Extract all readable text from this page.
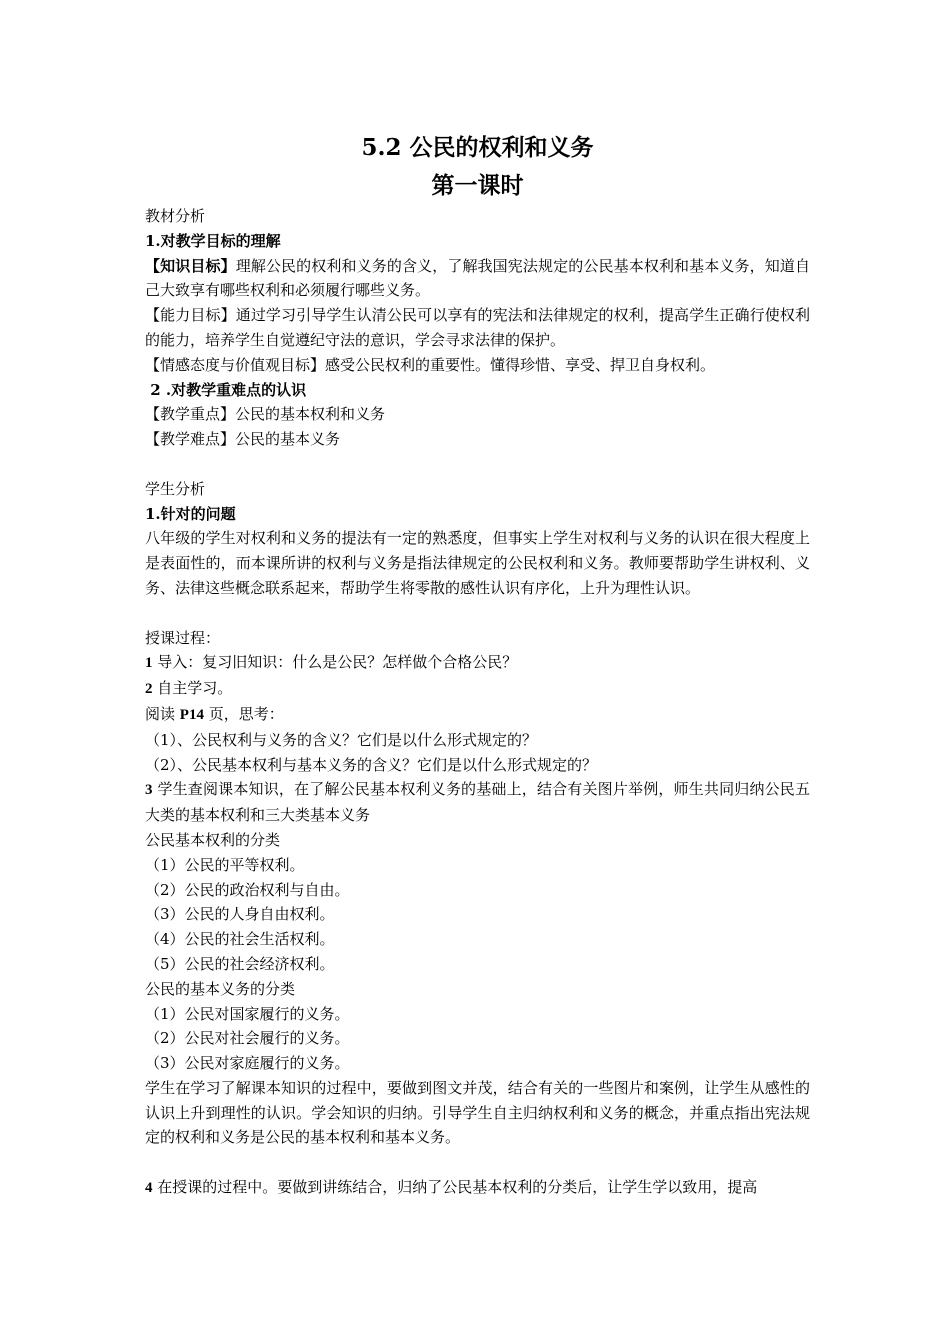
5.2 公民的权利和义务

第一课时

教材分析

1.对教学目标的理解

【知识目标】理解公民的权利和义务的含义，了解我国宪法规定的公民基本权利和基本义务，知道自己大致享有哪些权利和必须履行哪些义务。

【能力目标】通过学习引导学生认清公民可以享有的宪法和法律规定的权利，提高学生正确行使权利的能力，培养学生自觉遵纪守法的意识，学会寻求法律的保护。

【情感态度与价值观目标】感受公民权利的重要性。懂得珍惜、享受、捍卫自身权利。

2 .对教学重难点的认识

【教学重点】公民的基本权利和义务

【教学难点】公民的基本义务

学生分析

1.针对的问题

八年级的学生对权利和义务的提法有一定的熟悉度，但事实上学生对权利与义务的认识在很大程度上是表面性的，而本课所讲的权利与义务是指法律规定的公民权利和义务。教师要帮助学生讲权利、义务、法律这些概念联系起来，帮助学生将零散的感性认识有序化，上升为理性认识。

授课过程：

1 导入：复习旧知识：什么是公民？怎样做个合格公民？

2 自主学习。

阅读 P14 页，思考：

（1）、公民权利与义务的含义？它们是以什么形式规定的？

（2）、公民基本权利与基本义务的含义？它们是以什么形式规定的？

3 学生查阅课本知识，在了解公民基本权利义务的基础上，结合有关图片举例，师生共同归纳公民五大类的基本权利和三大类基本义务

公民基本权利的分类

（1）公民的平等权利。

（2）公民的政治权利与自由。

（3）公民的人身自由权利。

（4）公民的社会生活权利。

（5）公民的社会经济权利。

公民的基本义务的分类

（1）公民对国家履行的义务。

（2）公民对社会履行的义务。

（3）公民对家庭履行的义务。

学生在学习了解课本知识的过程中，要做到图文并茂，结合有关的一些图片和案例，让学生从感性的认识上升到理性的认识。学会知识的归纳。引导学生自主归纳权利和义务的概念，并重点指出宪法规定的权利和义务是公民的基本权利和基本义务。

4 在授课的过程中。要做到讲练结合，归纳了公民基本权利的分类后，让学生学以致用，提高
